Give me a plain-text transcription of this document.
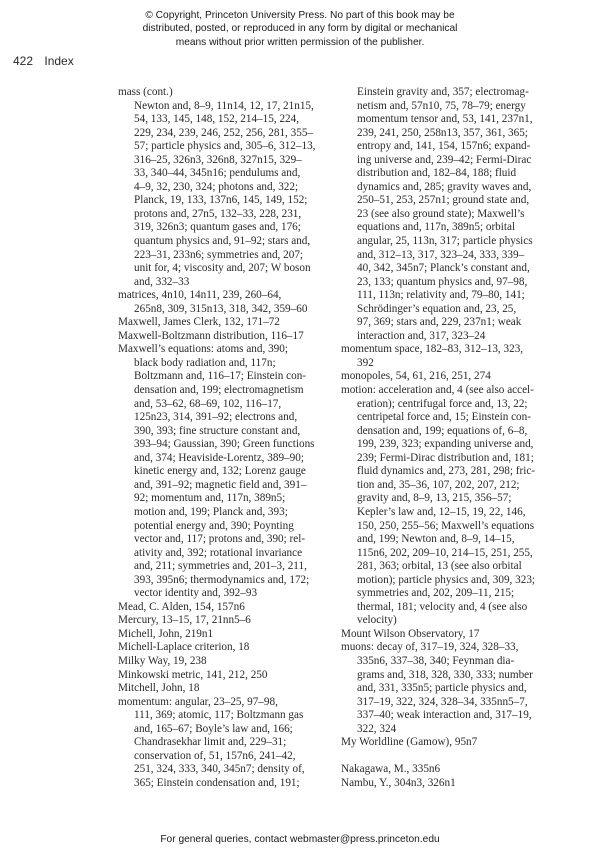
© Copyright, Princeton University Press. No part of this book may be
distributed, posted, or reproduced in any form by digital or mechanical
means without prior written permission of the publisher.
422 Index
mass (cont.)
Newton and, 8–9, 11n14, 12, 17, 21n15,
54, 133, 145, 148, 152, 214–15, 224,
229, 234, 239, 246, 252, 256, 281, 355–
57; particle physics and, 305–6, 312–13,
316–25, 326n3, 326n8, 327n15, 329–
33, 340–44, 345n16; pendulums and,
4–9, 32, 230, 324; photons and, 322;
Planck, 19, 133, 137n6, 145, 149, 152;
protons and, 27n5, 132–33, 228, 231,
319, 326n3; quantum gases and, 176;
quantum physics and, 91–92; stars and,
223–31, 233n6; symmetries and, 207;
unit for, 4; viscosity and, 207; W boson
and, 332–33
matrices, 4n10, 14n11, 239, 260–64,
265n8, 309, 315n13, 318, 342, 359–60
Maxwell, James Clerk, 132, 171–72
Maxwell-Boltzmann distribution, 116–17
Maxwell’s equations: atoms and, 390;
black body radiation and, 117n;
Boltzmann and, 116–17; Einstein con-
densation and, 199; electromagnetism
and, 53–62, 68–69, 102, 116–17,
125n23, 314, 391–92; electrons and,
390, 393; fine structure constant and,
393–94; Gaussian, 390; Green functions
and, 374; Heaviside-Lorentz, 389–90;
kinetic energy and, 132; Lorenz gauge
and, 391–92; magnetic field and, 391–
92; momentum and, 117n, 389n5;
motion and, 199; Planck and, 393;
potential energy and, 390; Poynting
vector and, 117; protons and, 390; rel-
ativity and, 392; rotational invariance
and, 211; symmetries and, 201–3, 211,
393, 395n6; thermodynamics and, 172;
vector identity and, 392–93
Mead, C. Alden, 154, 157n6
Mercury, 13–15, 17, 21nn5–6
Michell, John, 219n1
Michell-Laplace criterion, 18
Milky Way, 19, 238
Minkowski metric, 141, 212, 250
Mitchell, John, 18
momentum: angular, 23–25, 97–98,
111, 369; atomic, 117; Boltzmann gas
and, 165–67; Boyle’s law and, 166;
Chandrasekhar limit and, 229–31;
conservation of, 51, 157n6, 241–42,
251, 324, 333, 340, 345n7; density of,
365; Einstein condensation and, 191;
Einstein gravity and, 357; electromag-
netism and, 57n10, 75, 78–79; energy
momentum tensor and, 53, 141, 237n1,
239, 241, 250, 258n13, 357, 361, 365;
entropy and, 141, 154, 157n6; expand-
ing universe and, 239–42; Fermi-Dirac
distribution and, 182–84, 188; fluid
dynamics and, 285; gravity waves and,
250–51, 253, 257n1; ground state and,
23 (see also ground state); Maxwell’s
equations and, 117n, 389n5; orbital
angular, 25, 113n, 317; particle physics
and, 312–13, 317, 323–24, 333, 339–
40, 342, 345n7; Planck’s constant and,
23, 133; quantum physics and, 97–98,
111, 113n; relativity and, 79–80, 141;
Schrödinger’s equation and, 23, 25,
97, 369; stars and, 229, 237n1; weak
interaction and, 317, 323–24
momentum space, 182–83, 312–13, 323,
392
monopoles, 54, 61, 216, 251, 274
motion: acceleration and, 4 (see also accel-
eration); centrifugal force and, 13, 22;
centripetal force and, 15; Einstein con-
densation and, 199; equations of, 6–8,
199, 239, 323; expanding universe and,
239; Fermi-Dirac distribution and, 181;
fluid dynamics and, 273, 281, 298; fric-
tion and, 35–36, 107, 202, 207, 212;
gravity and, 8–9, 13, 215, 356–57;
Kepler’s law and, 12–15, 19, 22, 146,
150, 250, 255–56; Maxwell’s equations
and, 199; Newton and, 8–9, 14–15,
115n6, 202, 209–10, 214–15, 251, 255,
281, 363; orbital, 13 (see also orbital
motion); particle physics and, 309, 323;
symmetries and, 202, 209–11, 215;
thermal, 181; velocity and, 4 (see also
velocity)
Mount Wilson Observatory, 17
muons: decay of, 317–19, 324, 328–33,
335n6, 337–38, 340; Feynman dia-
grams and, 318, 328, 330, 333; number
and, 331, 335n5; particle physics and,
317–19, 322, 324, 328–34, 335nn5–7,
337–40; weak interaction and, 317–19,
322, 324
My Worldline (Gamow), 95n7
Nakagawa, M., 335n6
Nambu, Y., 304n3, 326n1
For general queries, contact webmaster@press.princeton.edu
